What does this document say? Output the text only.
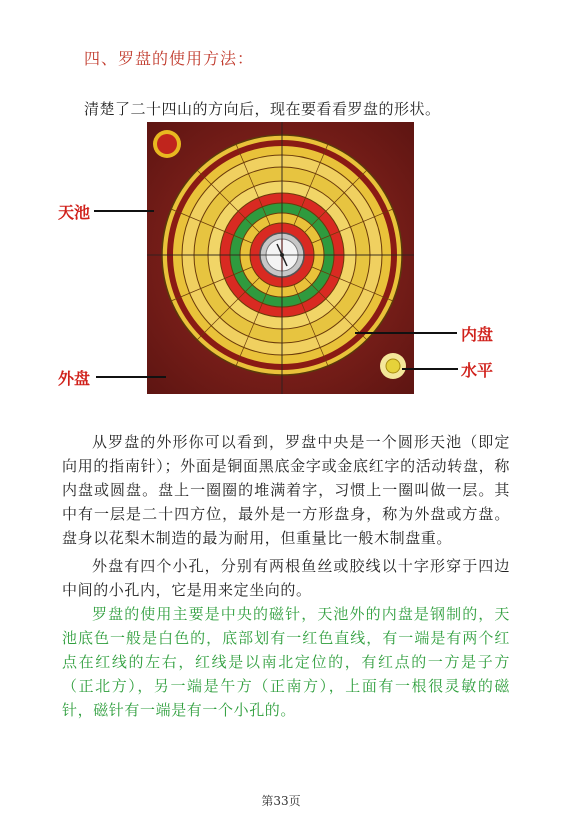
四、罗盘的使用方法：
清楚了二十四山的方向后，现在要看看罗盘的形状。
天池
外盘
内盘
水平
从罗盘的外形你可以看到，罗盘中央是一个圆形天池（即定向用的指南针）；外面是铜面黑底金字或金底红字的活动转盘，称内盘或圆盘。盘上一圈圈的堆满着字，习惯上一圈叫做一层。其中有一层是二十四方位，最外是一方形盘身，称为外盘或方盘。盘身以花梨木制造的最为耐用，但重量比一般木制盘重。
外盘有四个小孔，分别有两根鱼丝或胶线以十字形穿于四边中间的小孔内，它是用来定坐向的。
罗盘的使用主要是中央的磁针，天池外的内盘是钢制的，天池底色一般是白色的，底部划有一红色直线，有一端是有两个红点在红线的左右，红线是以南北定位的，有红点的一方是子方（正北方），另一端是午方（正南方），上面有一根很灵敏的磁针，磁针有一端是有一个小孔的。
第33页
